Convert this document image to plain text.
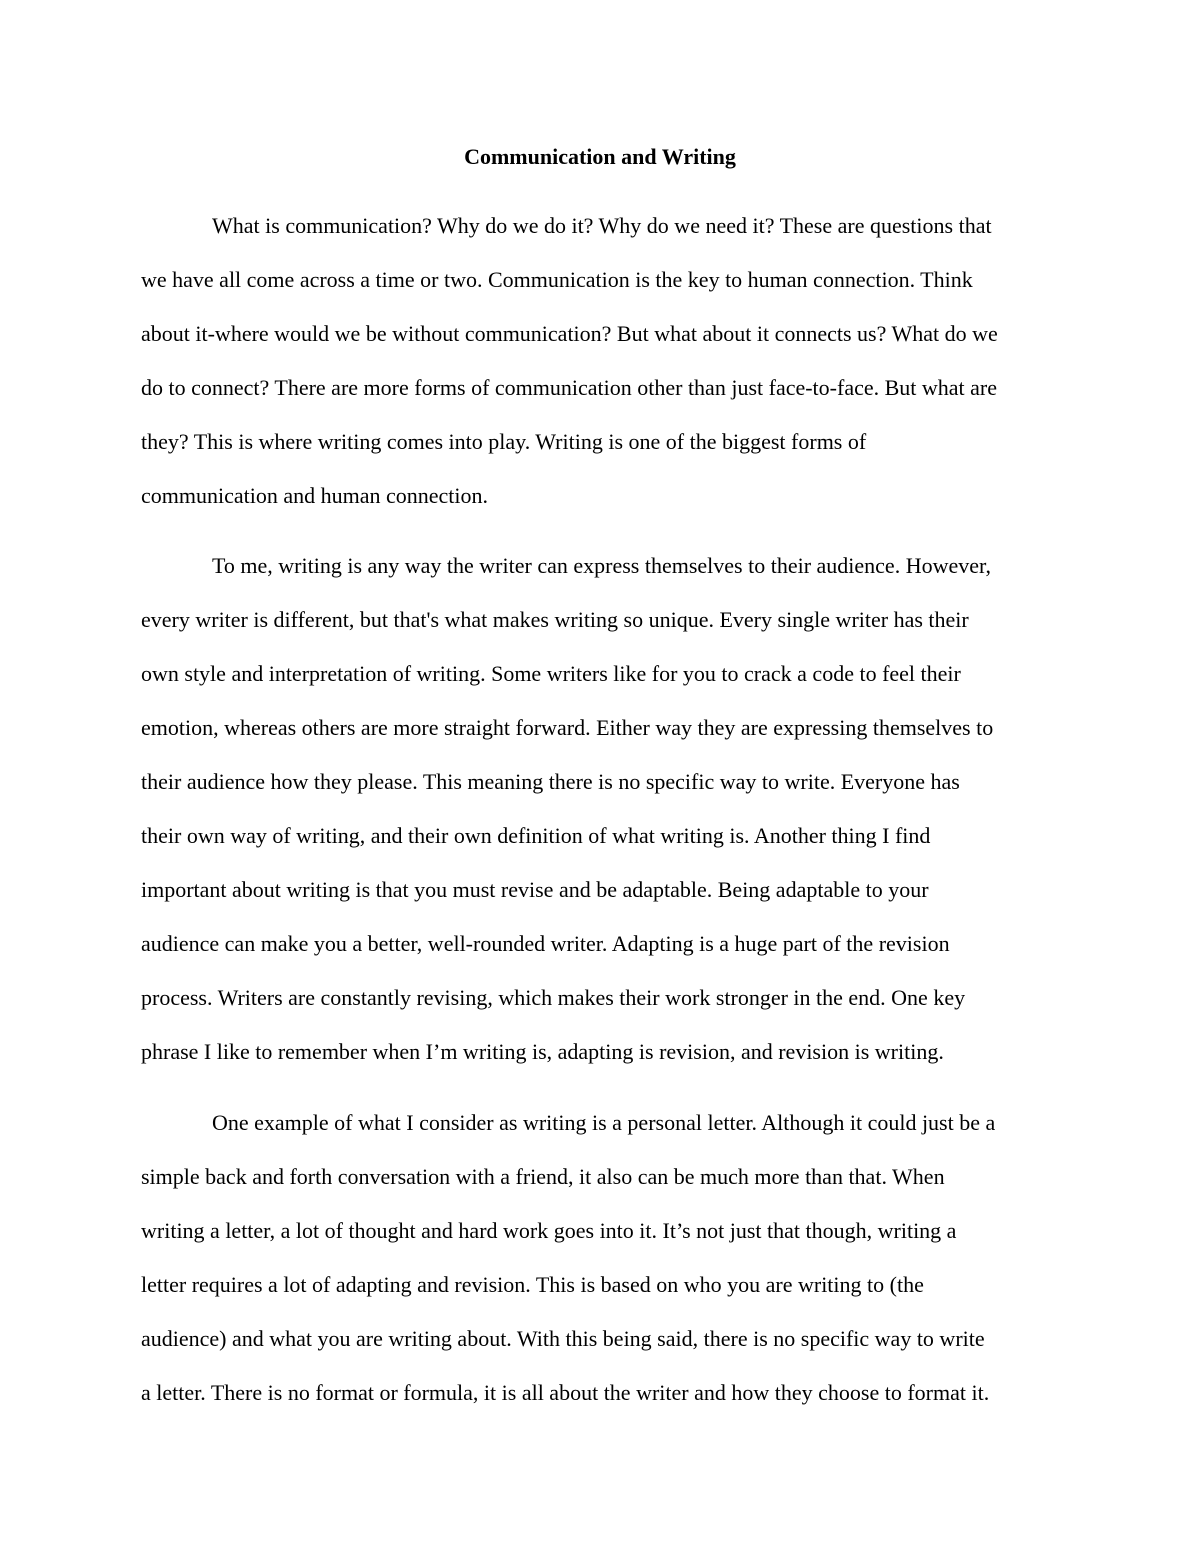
Communication and Writing
What is communication? Why do we do it? Why do we need it? These are questions that
we have all come across a time or two. Communication is the key to human connection. Think
about it-where would we be without communication? But what about it connects us? What do we
do to connect? There are more forms of communication other than just face-to-face. But what are
they? This is where writing comes into play. Writing is one of the biggest forms of
communication and human connection.
To me, writing is any way the writer can express themselves to their audience. However,
every writer is different, but that's what makes writing so unique. Every single writer has their
own style and interpretation of writing. Some writers like for you to crack a code to feel their
emotion, whereas others are more straight forward. Either way they are expressing themselves to
their audience how they please. This meaning there is no specific way to write. Everyone has
their own way of writing, and their own definition of what writing is. Another thing I find
important about writing is that you must revise and be adaptable. Being adaptable to your
audience can make you a better, well-rounded writer. Adapting is a huge part of the revision
process. Writers are constantly revising, which makes their work stronger in the end. One key
phrase I like to remember when I’m writing is, adapting is revision, and revision is writing.
One example of what I consider as writing is a personal letter. Although it could just be a
simple back and forth conversation with a friend, it also can be much more than that. When
writing a letter, a lot of thought and hard work goes into it. It’s not just that though, writing a
letter requires a lot of adapting and revision. This is based on who you are writing to (the
audience) and what you are writing about. With this being said, there is no specific way to write
a letter. There is no format or formula, it is all about the writer and how they choose to format it.
